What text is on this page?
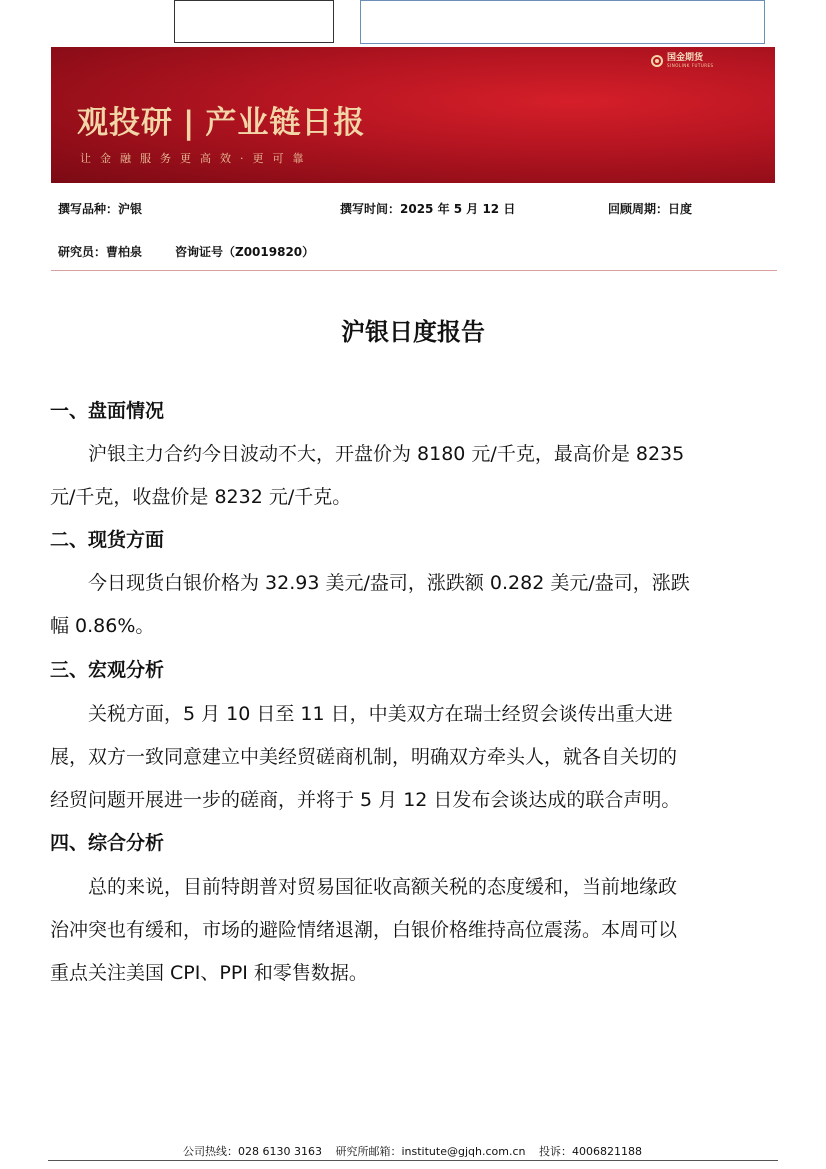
观投研 | 产业链日报
让金融服务更高效·更可靠
国金期货
SINOLINK FUTURES
撰写品种：沪银	撰写时间：2025 年 5 月 12 日	回顾周期：日度
研究员：曹柏泉	咨询证号（Z0019820）
沪银日度报告
一、盘面情况
　　沪银主力合约今日波动不大，开盘价为 8180 元/千克，最高价是 8235
元/千克，收盘价是 8232 元/千克。
二、现货方面
　　今日现货白银价格为 32.93 美元/盎司，涨跌额 0.282 美元/盎司，涨跌
幅 0.86%。
三、宏观分析
　　关税方面，5 月 10 日至 11 日，中美双方在瑞士经贸会谈传出重大进
展，双方一致同意建立中美经贸磋商机制，明确双方牵头人，就各自关切的
经贸问题开展进一步的磋商，并将于 5 月 12 日发布会谈达成的联合声明。
四、综合分析
　　总的来说，目前特朗普对贸易国征收高额关税的态度缓和，当前地缘政
治冲突也有缓和，市场的避险情绪退潮，白银价格维持高位震荡。本周可以
重点关注美国 CPI、PPI 和零售数据。
公司热线：028 6130 3163 研究所邮箱：institute@gjqh.com.cn 投诉：4006821188
